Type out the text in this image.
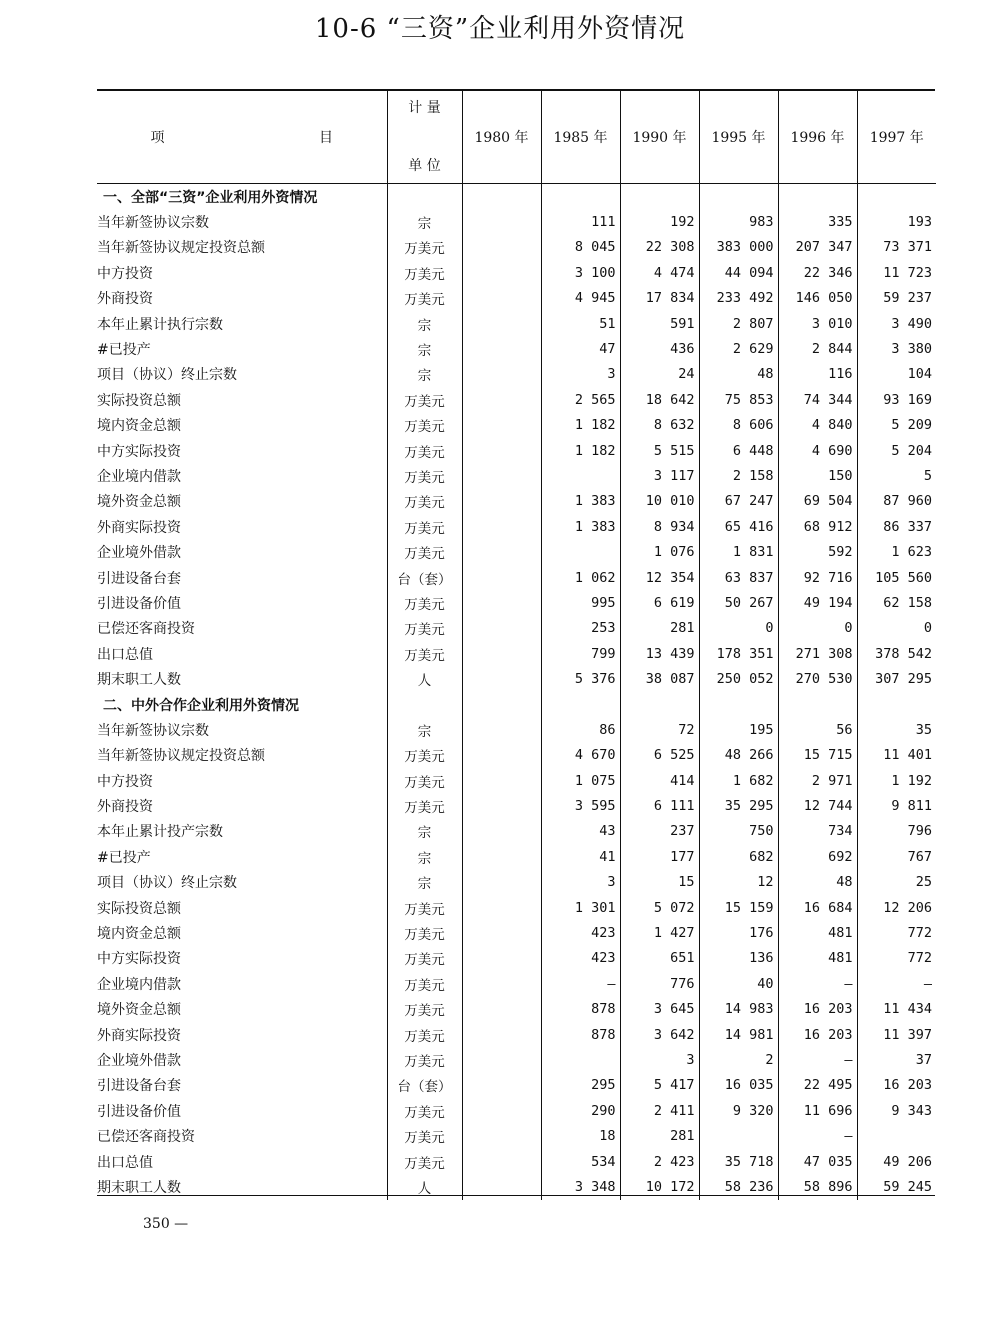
10-6 “三资”企业利用外资情况
项 目	计 量
单 位	1980 年	1985 年	1990 年	1995 年	1996 年	1997 年
一、全部“三资”企业利用外资情况							
当年新签协议宗数	宗		111	192	983	335	193
当年新签协议规定投资总额	万美元		8 045	22 308	383 000	207 347	73 371
中方投资	万美元		3 100	4 474	44 094	22 346	11 723
外商投资	万美元		4 945	17 834	233 492	146 050	59 237
本年止累计执行宗数	宗		51	591	2 807	3 010	3 490
#已投产	宗		47	436	2 629	2 844	3 380
项目（协议）终止宗数	宗		3	24	48	116	104
实际投资总额	万美元		2 565	18 642	75 853	74 344	93 169
境内资金总额	万美元		1 182	8 632	8 606	4 840	5 209
中方实际投资	万美元		1 182	5 515	6 448	4 690	5 204
企业境内借款	万美元			3 117	2 158	150	5
境外资金总额	万美元		1 383	10 010	67 247	69 504	87 960
外商实际投资	万美元		1 383	8 934	65 416	68 912	86 337
企业境外借款	万美元			1 076	1 831	592	1 623
引进设备台套	台（套）		1 062	12 354	63 837	92 716	105 560
引进设备价值	万美元		995	6 619	50 267	49 194	62 158
已偿还客商投资	万美元		253	281	0	0	0
出口总值	万美元		799	13 439	178 351	271 308	378 542
期末职工人数	人		5 376	38 087	250 052	270 530	307 295
二、中外合作企业利用外资情况							
当年新签协议宗数	宗		86	72	195	56	35
当年新签协议规定投资总额	万美元		4 670	6 525	48 266	15 715	11 401
中方投资	万美元		1 075	414	1 682	2 971	1 192
外商投资	万美元		3 595	6 111	35 295	12 744	9 811
本年止累计投产宗数	宗		43	237	750	734	796
#已投产	宗		41	177	682	692	767
项目（协议）终止宗数	宗		3	15	12	48	25
实际投资总额	万美元		1 301	5 072	15 159	16 684	12 206
境内资金总额	万美元		423	1 427	176	481	772
中方实际投资	万美元		423	651	136	481	772
企业境内借款	万美元		—	776	40	—	—
境外资金总额	万美元		878	3 645	14 983	16 203	11 434
外商实际投资	万美元		878	3 642	14 981	16 203	11 397
企业境外借款	万美元			3	2	—	37
引进设备台套	台（套）		295	5 417	16 035	22 495	16 203
引进设备价值	万美元		290	2 411	9 320	11 696	9 343
已偿还客商投资	万美元		18	281		—	
出口总值	万美元		534	2 423	35 718	47 035	49 206
期末职工人数	人		3 348	10 172	58 236	58 896	59 245
350 —
